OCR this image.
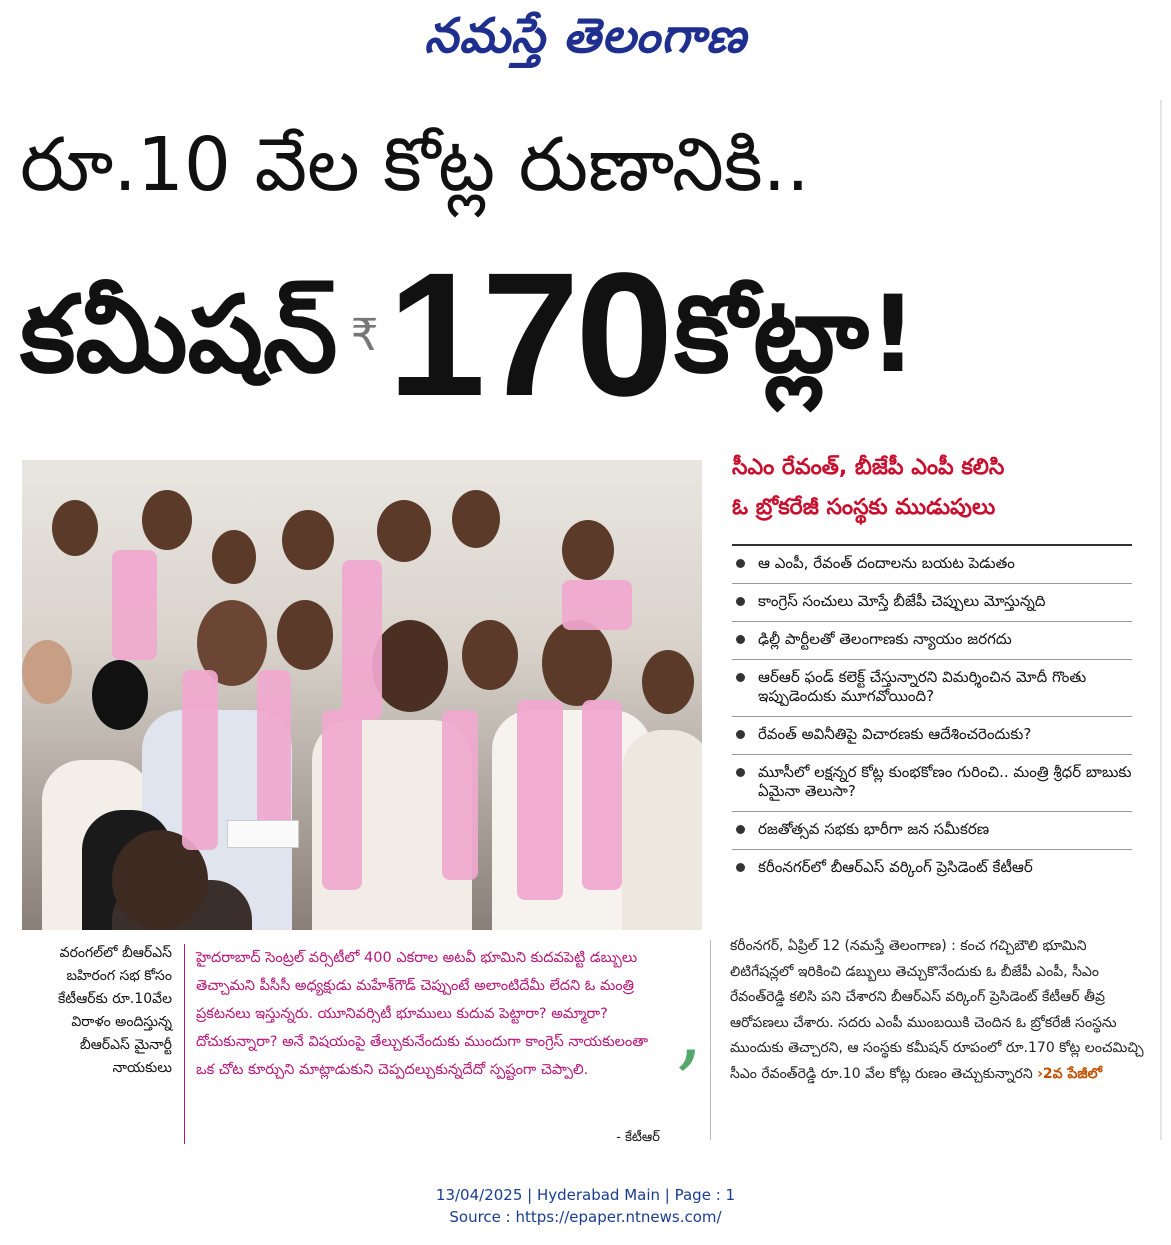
నమస్తే తెలంగాణ
రూ.10 వేల కోట్ల రుణానికి..
కమీషన్ ₹ 170 కోట్లా!
సీఎం రేవంత్, బీజేపీ ఎంపీ కలిసి
ఓ బ్రోకరేజీ సంస్థకు ముడుపులు
ఆ ఎంపీ, రేవంత్ దందాలను బయట పెడుతం
కాంగ్రెస్ సంచులు మోస్తే బీజేపీ చెప్పులు మోస్తున్నది
ఢిల్లీ పార్టీలతో తెలంగాణకు న్యాయం జరగదు
ఆర్ఆర్ ఫండ్ కలెక్ట్ చేస్తున్నారని విమర్శించిన మోదీ గొంతు ఇప్పుడెందుకు మూగవోయింది?
రేవంత్ అవినీతిపై విచారణకు ఆదేశించరెందుకు?
మూసీలో లక్షన్నర కోట్ల కుంభకోణం గురించి.. మంత్రి శ్రీధర్ బాబుకు ఏమైనా తెలుసా?
రజతోత్సవ సభకు భారీగా జన సమీకరణ
కరీంనగర్‌లో బీఆర్ఎస్ వర్కింగ్ ప్రెసిడెంట్ కేటీఆర్
వరంగల్‌లో బీఆర్ఎస్ బహిరంగ సభ కోసం కేటీఆర్‌కు రూ.10వేల విరాళం అందిస్తున్న బీఆర్ఎస్ మైనార్టీ నాయకులు
హైదరాబాద్ సెంట్రల్ వర్సిటీలో 400 ఎకరాల అటవీ భూమిని కుదవపెట్టి డబ్బులు తెచ్చామని పీసీసీ అధ్యక్షుడు మహేశ్‌గౌడ్ చెప్పుంటే అలాంటిదేమీ లేదని ఓ మంత్రి ప్రకటనలు ఇస్తున్నరు. యూనివర్సిటీ భూములు కుదువ పెట్టారా? అమ్మారా? దోచుకున్నారా? అనే విషయంపై తేల్చుకునేందుకు ముందుగా కాంగ్రెస్ నాయకులంతా ఒక చోట కూర్చుని మాట్లాడుకుని చెప్పదల్చుకున్నదేదో స్పష్టంగా చెప్పాలి.
- కేటీఆర్
,
కరీంనగర్, ఏప్రిల్ 12 (నమస్తే తెలంగాణ) : కంచ గచ్చిబౌలి భూమిని లిటిగేషన్లలో ఇరికించి డబ్బులు తెచ్చుకొనేందుకు ఓ బీజేపీ ఎంపీ, సీఎం రేవంత్‌రెడ్డి కలిసి పని చేశారని బీఆర్ఎస్ వర్కింగ్ ప్రెసిడెంట్ కేటీఆర్ తీవ్ర ఆరోపణలు చేశారు. సదరు ఎంపీ ముంబయికి చెందిన ఓ బ్రోకరేజీ సంస్థను ముందుకు తెచ్చారని, ఆ సంస్థకు కమీషన్ రూపంలో రూ.170 కోట్ల లంచమిచ్చి సీఎం రేవంత్‌రెడ్డి రూ.10 వేల కోట్ల రుణం తెచ్చుకున్నారని ›2వ పేజీలో
13/04/2025 | Hyderabad Main | Page : 1
Source : https://epaper.ntnews.com/
